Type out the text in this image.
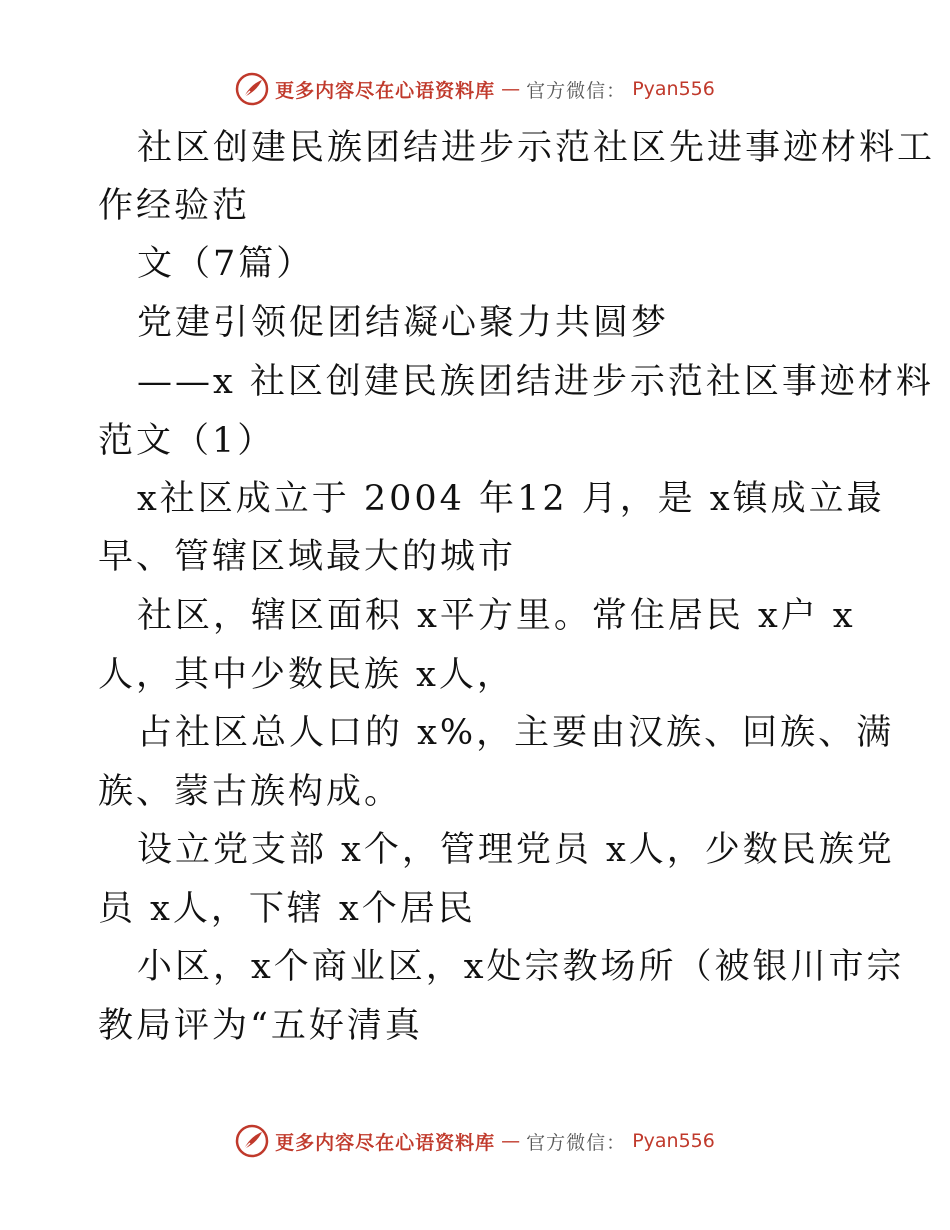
更多内容尽在心语资料库 — 官方微信： Pyan556
社区创建民族团结进步示范社区先进事迹材料工
作经验范
文（7篇）
党建引领促团结凝心聚力共圆梦
——x 社区创建民族团结进步示范社区事迹材料
范文（1）
x社区成立于 2004 年12 月，是 x镇成立最
早、管辖区域最大的城市
社区，辖区面积 x平方里。常住居民 x户 x
人，其中少数民族 x人，
占社区总人口的 x%，主要由汉族、回族、满
族、蒙古族构成。
设立党支部 x个，管理党员 x人，少数民族党
员 x人，下辖 x个居民
小区，x个商业区，x处宗教场所（被银川市宗
教局评为“五好清真
更多内容尽在心语资料库 — 官方微信： Pyan556
